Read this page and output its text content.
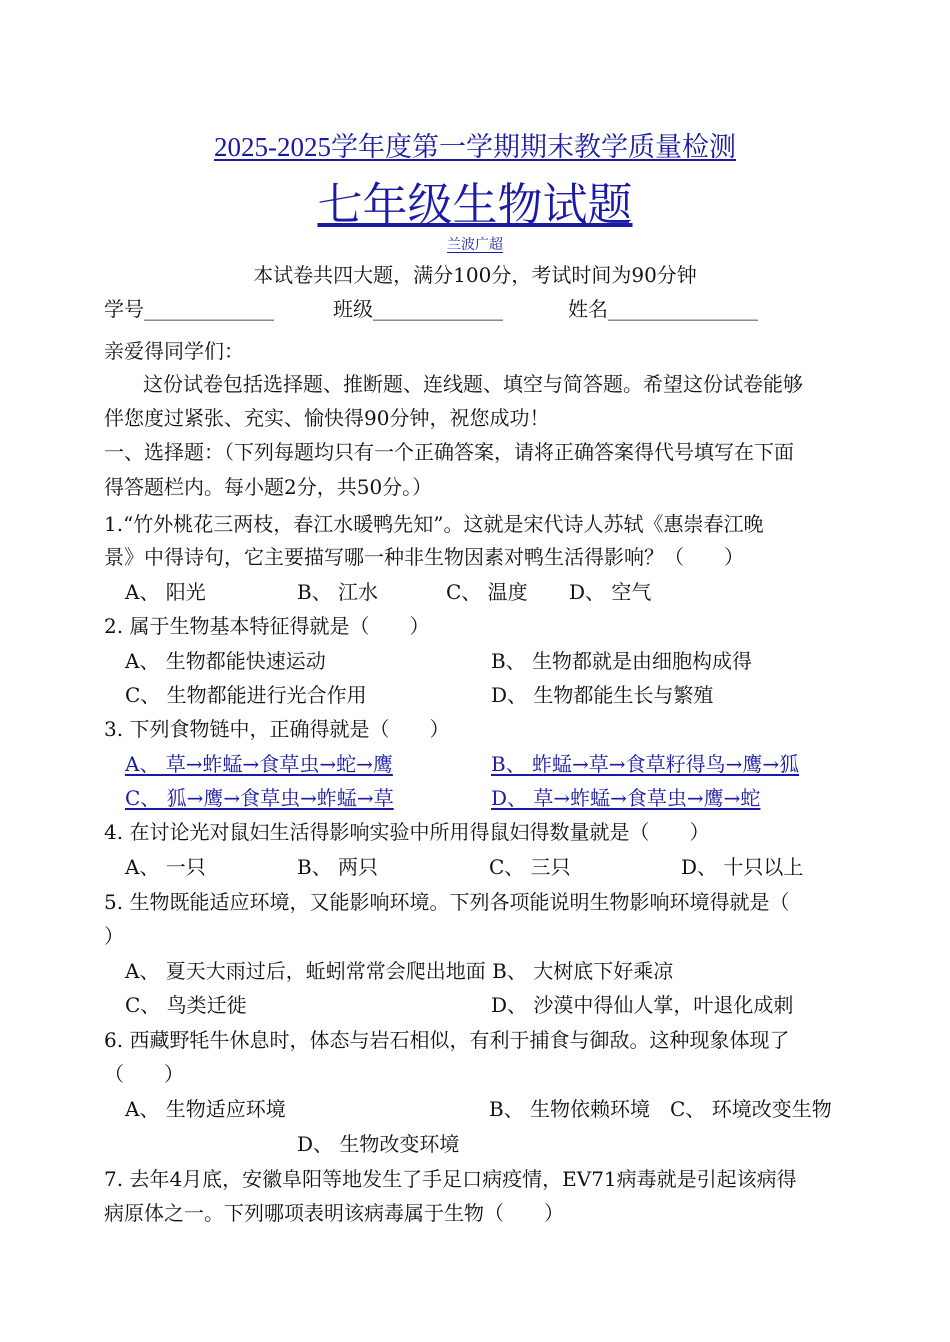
2025-2025学年度第一学期期末教学质量检测
七年级生物试题
兰波广超
本试卷共四大题，满分100分，考试时间为90分钟
学号_____________	班级_____________	姓名_______________
亲爱得同学们：
这份试卷包括选择题、推断题、连线题、填空与简答题。希望这份试卷能够
伴您度过紧张、充实、愉快得90分钟，祝您成功！
一、选择题：（下列每题均只有一个正确答案，请将正确答案得代号填写在下面
得答题栏内。每小题2分，共50分。）
1.“竹外桃花三两枝，春江水暖鸭先知”。这就是宋代诗人苏轼《惠崇春江晚
景》中得诗句，它主要描写哪一种非生物因素对鸭生活得影响？（　　）
A、 阳光	B、 江水	C、 温度 D、 空气
2. 属于生物基本特征得就是（　　）
A、 生物都能快速运动	B、 生物都就是由细胞构成得
C、 生物都能进行光合作用	D、 生物都能生长与繁殖
3. 下列食物链中，正确得就是（　　）
A、 草→蚱蜢→食草虫→蛇→鹰	B、 蚱蜢→草→食草籽得鸟→鹰→狐
C、 狐→鹰→食草虫→蚱蜢→草	D、 草→蚱蜢→食草虫→鹰→蛇
4. 在讨论光对鼠妇生活得影响实验中所用得鼠妇得数量就是（　　）
A、 一只	B、 两只	C、 三只	D、 十只以上
5. 生物既能适应环境，又能影响环境。下列各项能说明生物影响环境得就是（
）
A、 夏天大雨过后，蚯蚓常常会爬出地面 B、 大树底下好乘凉
C、 鸟类迁徙	D、 沙漠中得仙人掌，叶退化成刺
6. 西藏野牦牛休息时，体态与岩石相似，有利于捕食与御敌。这种现象体现了
（　　）
A、 生物适应环境	B、 生物依赖环境　C、 环境改变生物
D、 生物改变环境
7. 去年4月底，安徽阜阳等地发生了手足口病疫情，EV71病毒就是引起该病得
病原体之一。下列哪项表明该病毒属于生物（　　）
